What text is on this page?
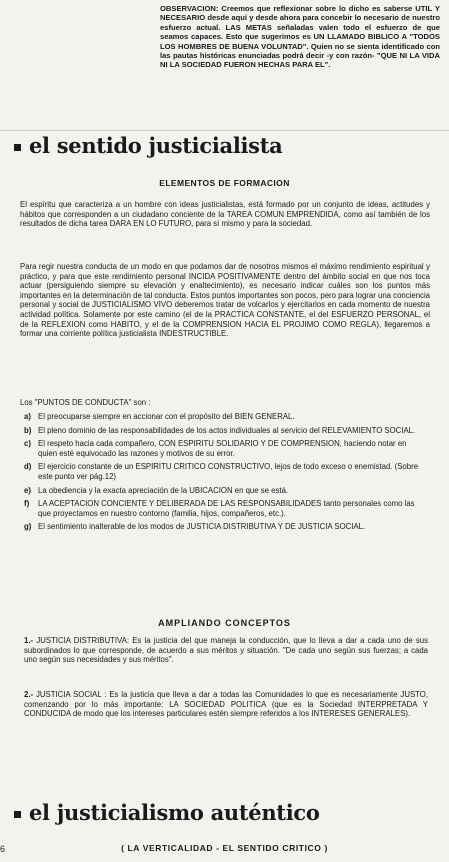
OBSERVACION: Creemos que reflexionar sobre lo dicho es saberse UTIL Y NECESARIO desde aquí y desde ahora para concebir lo necesario de nuestro esfuerzo actual. LAS METAS señaladas valen todo el esfuerzo de que seamos capaces. Esto que sugerimos es UN LLAMADO BIBLICO A "TODOS LOS HOMBRES DE BUENA VOLUNTAD". Quien no se sienta identificado con las pautas históricas enunciadas podrá decir -y con razón- "QUE NI LA VIDA NI LA SOCIEDAD FUERON HECHAS PARA EL".
el sentido justicialista
ELEMENTOS DE FORMACION
El espíritu que caracteriza a un hombre con ideas justicialistas, está formado por un conjunto de ideas, actitudes y hábitos que corresponden a un ciudadano conciente de la TAREA COMUN EMPRENDIDA, como así también de los resultados de dicha tarea DARA EN LO FUTURO, para sí mismo y para la sociedad.
Para regir nuestra conducta de un modo en que podamos dar de nosotros mismos el máximo rendimiento espiritual y práctico, y para que este rendimiento personal INCIDA POSITIVAMENTE dentro del ámbito social en que nos toca actuar (persiguiendo siempre su elevación y enaltecimiento), es necesario indicar cuáles son los puntos más importantes en la determinación de tal conducta. Estos puntos importantes son pocos, pero para lograr una conciencia personal y social de JUSTICIALISMO VIVO deberemos tratar de volcarlos y ejercitarlos en cada momento de nuestra actividad política. Solamente por este camino (el de la PRACTICA CONSTANTE, el del ESFUERZO PERSONAL, el de la REFLEXION como HABITO, y el de la COMPRENSION HACIA EL PROJIMO COMO REGLA), llegaremos a formar una corriente política justicialista INDESTRUCTIBLE.
Los "PUNTOS DE CONDUCTA" son :
a) El preocuparse siempre en accionar con el propósito del BIEN GENERAL.
b) El pleno dominio de las responsabilidades de los actos individuales al servicio del RELEVAMIENTO SOCIAL.
c) El respeto hacia cada compañero, CON ESPIRITU SOLIDARIO Y DE COMPRENSION, haciendo notar en quien esté equivocado las razones y motivos de su error.
d) El ejercicio constante de un ESPIRITU CRITICO CONSTRUCTIVO, lejos de todo exceso o enemistad. (Sobre este punto ver pág.12)
e) La obediencia y la exacta apreciación de la UBICACION en que se está.
f)	LA ACEPTACION CONCIENTE Y DELIBERADA DE LAS RESPONSABILIDADES tanto personales como las que proyectamos en nuestro contorno (familia, hijos, compañeros, etc.).
g) El sentimiento inalterable de los modos de JUSTICIA DISTRIBUTIVA Y DE JUSTICIA SOCIAL.
AMPLIANDO CONCEPTOS
1.- JUSTICIA DISTRIBUTIVA: Es la justicia del que maneja la conducción, que lo lleva a dar a cada uno de sus subordinados lo que corresponde, de acuerdo a sus méritos y situación. "De cada uno según sus fuerzas; a cada uno según sus necesidades y sus méritos".
2.- JUSTICIA SOCIAL : Es la justicia que lleva a dar a todas las Comunidades lo que es necesariamente JUSTO, comenzando por lo más importante: LA SOCIEDAD POLITICA (que es la Sociedad INTERPRETADA Y CONDUCIDA de modo que los intereses particulares estén siempre referidos a los INTERESES GENERALES).
el justicialismo auténtico
6	( LA VERTICALIDAD - EL SENTIDO CRITICO )
